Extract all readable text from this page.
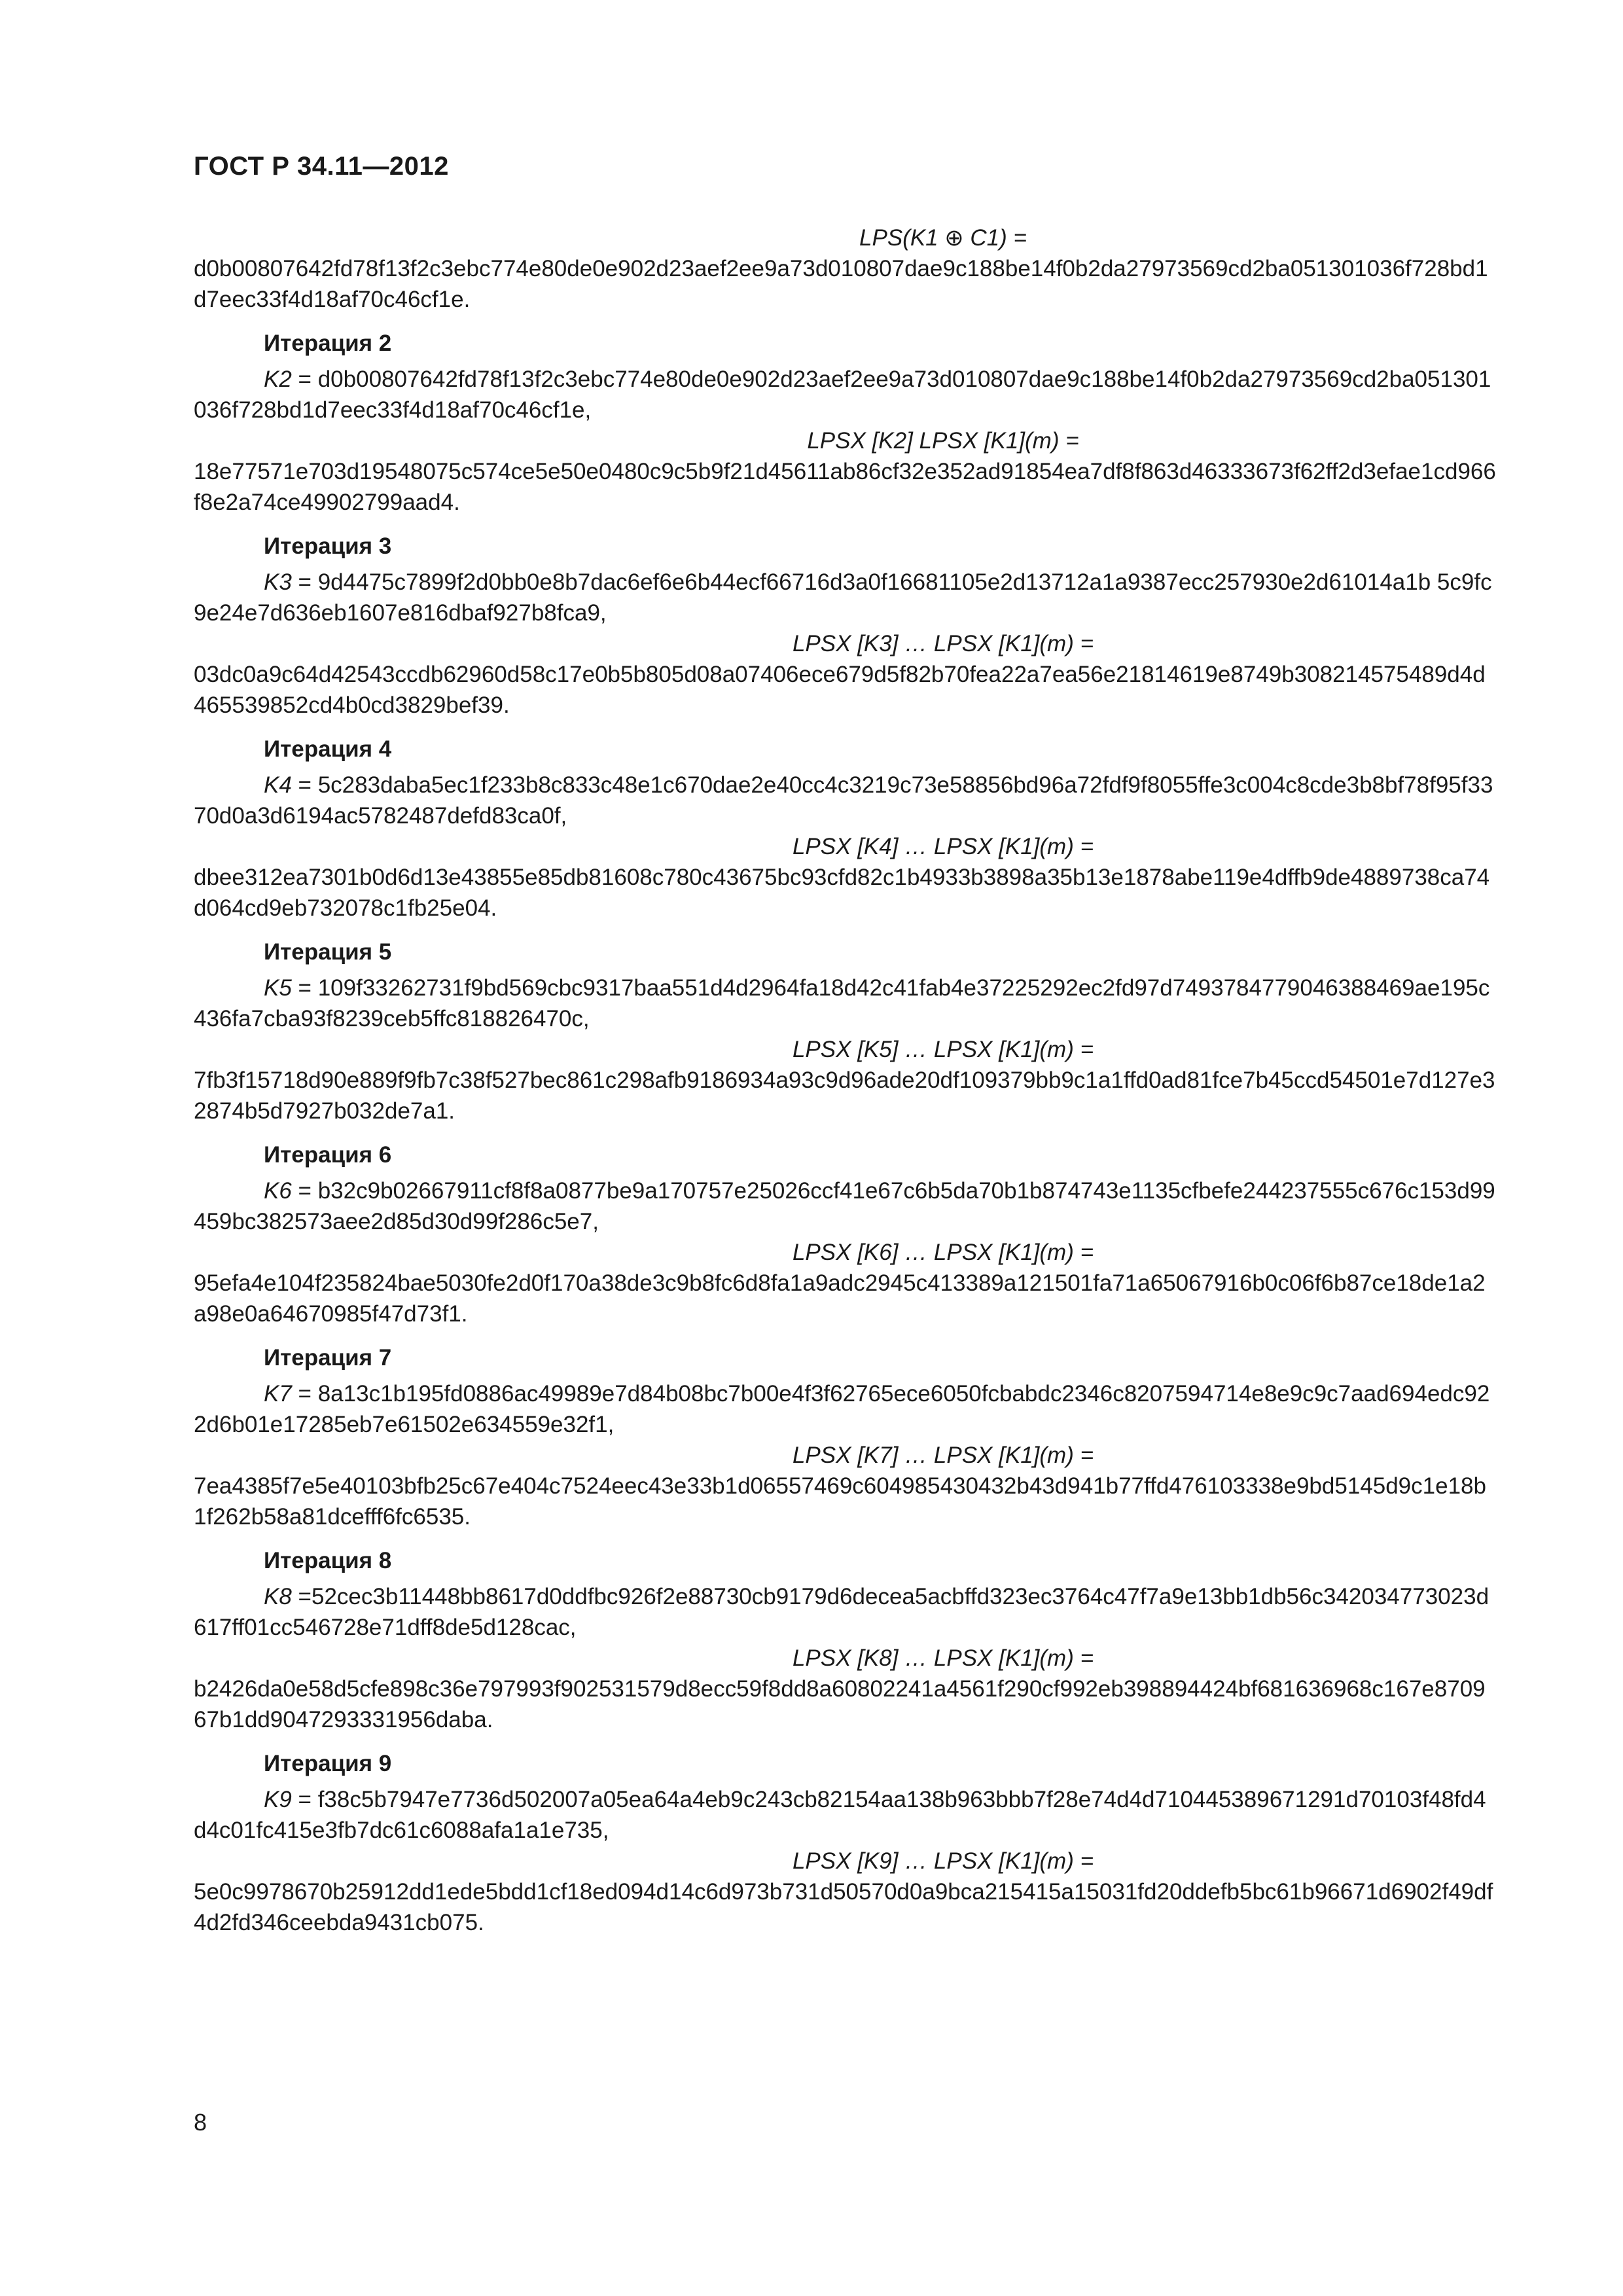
ГОСТ Р 34.11—2012
LPS(K1 ⊕ C1) =
d0b00807642fd78f13f2c3ebc774e80de0e902d23aef2ee9a73d010807dae9c188be14f0b2da27973569cd2ba051301036f728bd1d7eec33f4d18af70c46cf1e.
Итерация 2
K2 = d0b00807642fd78f13f2c3ebc774e80de0e902d23aef2ee9a73d010807dae9c188be14f0b2da27973569cd2ba051301036f728bd1d7eec33f4d18af70c46cf1e,
LPSX [K2] LPSX [K1](m) =
18e77571e703d19548075c574ce5e50e0480c9c5b9f21d45611ab86cf32e352ad91854ea7df8f863d46333673f62ff2d3efae1cd966f8e2a74ce49902799aad4.
Итерация 3
K3 = 9d4475c7899f2d0bb0e8b7dac6ef6e6b44ecf66716d3a0f16681105e2d13712a1a9387ecc257930e2d61014a1b 5c9fc9e24e7d636eb1607e816dbaf927b8fca9,
LPSX [K3] … LPSX [K1](m) =
03dc0a9c64d42543ccdb62960d58c17e0b5b805d08a07406ece679d5f82b70fea22a7ea56e21814619e8749b308214575489d4d465539852cd4b0cd3829bef39.
Итерация 4
K4 = 5c283daba5ec1f233b8c833c48e1c670dae2e40cc4c3219c73e58856bd96a72fdf9f8055ffe3c004c8cde3b8bf78f95f3370d0a3d6194ac5782487defd83ca0f,
LPSX [K4] … LPSX [K1](m) =
dbee312ea7301b0d6d13e43855e85db81608c780c43675bc93cfd82c1b4933b3898a35b13e1878abe119e4dffb9de4889738ca74d064cd9eb732078c1fb25e04.
Итерация 5
K5 = 109f33262731f9bd569cbc9317baa551d4d2964fa18d42c41fab4e37225292ec2fd97d7493784779046388469ae195c436fa7cba93f8239ceb5ffc818826470c,
LPSX [K5] … LPSX [K1](m) =
7fb3f15718d90e889f9fb7c38f527bec861c298afb9186934a93c9d96ade20df109379bb9c1a1ffd0ad81fce7b45ccd54501e7d127e32874b5d7927b032de7a1.
Итерация 6
K6 = b32c9b02667911cf8f8a0877be9a170757e25026ccf41e67c6b5da70b1b874743e1135cfbefe244237555c676c153d99459bc382573aee2d85d30d99f286c5e7,
LPSX [K6] … LPSX [K1](m) =
95efa4e104f235824bae5030fe2d0f170a38de3c9b8fc6d8fa1a9adc2945c413389a121501fa71a65067916b0c06f6b87ce18de1a2a98e0a64670985f47d73f1.
Итерация 7
K7 = 8a13c1b195fd0886ac49989e7d84b08bc7b00e4f3f62765ece6050fcbabdc2346c8207594714e8e9c9c7aad694edc922d6b01e17285eb7e61502e634559e32f1,
LPSX [K7] … LPSX [K1](m) =
7ea4385f7e5e40103bfb25c67e404c7524eec43e33b1d06557469c604985430432b43d941b77ffd476103338e9bd5145d9c1e18b1f262b58a81dcefff6fc6535.
Итерация 8
K8 =52cec3b11448bb8617d0ddfbc926f2e88730cb9179d6decea5acbffd323ec3764c47f7a9e13bb1db56c342034773023d617ff01cc546728e71dff8de5d128cac,
LPSX [K8] … LPSX [K1](m) =
b2426da0e58d5cfe898c36e797993f902531579d8ecc59f8dd8a60802241a4561f290cf992eb398894424bf681636968c167e870967b1dd9047293331956daba.
Итерация 9
K9 = f38c5b7947e7736d502007a05ea64a4eb9c243cb82154aa138b963bbb7f28e74d4d710445389671291d70103f48fd4d4c01fc415e3fb7dc61c6088afa1a1e735,
LPSX [K9] … LPSX [K1](m) =
5e0c9978670b25912dd1ede5bdd1cf18ed094d14c6d973b731d50570d0a9bca215415a15031fd20ddefb5bc61b96671d6902f49df4d2fd346ceebda9431cb075.
8
